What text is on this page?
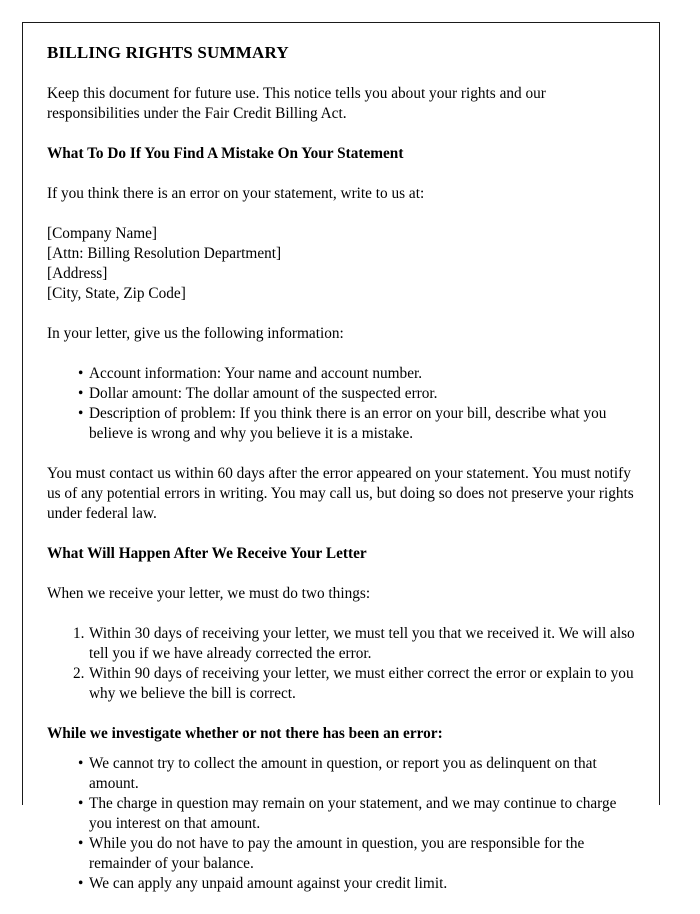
BILLING RIGHTS SUMMARY

Keep this document for future use. This notice tells you about your rights and our responsibilities under the Fair Credit Billing Act.

What To Do If You Find A Mistake On Your Statement

If you think there is an error on your statement, write to us at:

[Company Name]

[Attn: Billing Resolution Department]

[Address]

[City, State, Zip Code]

In your letter, give us the following information:

• Account information: Your name and account number.
• Dollar amount: The dollar amount of the suspected error.
• Description of problem: If you think there is an error on your bill, describe what you believe is wrong and why you believe it is a mistake.

You must contact us within 60 days after the error appeared on your statement. You must notify us of any potential errors in writing. You may call us, but doing so does not preserve your rights under federal law.

What Will Happen After We Receive Your Letter

When we receive your letter, we must do two things:

Within 30 days of receiving your letter, we must tell you that we received it. We will also tell you if we have already corrected the error.
Within 90 days of receiving your letter, we must either correct the error or explain to you why we believe the bill is correct.
While we investigate whether or not there has been an error:
• We cannot try to collect the amount in question, or report you as delinquent on that amount.
• The charge in question may remain on your statement, and we may continue to charge you interest on that amount.
• While you do not have to pay the amount in question, you are responsible for the remainder of your balance.
• We can apply any unpaid amount against your credit limit.
